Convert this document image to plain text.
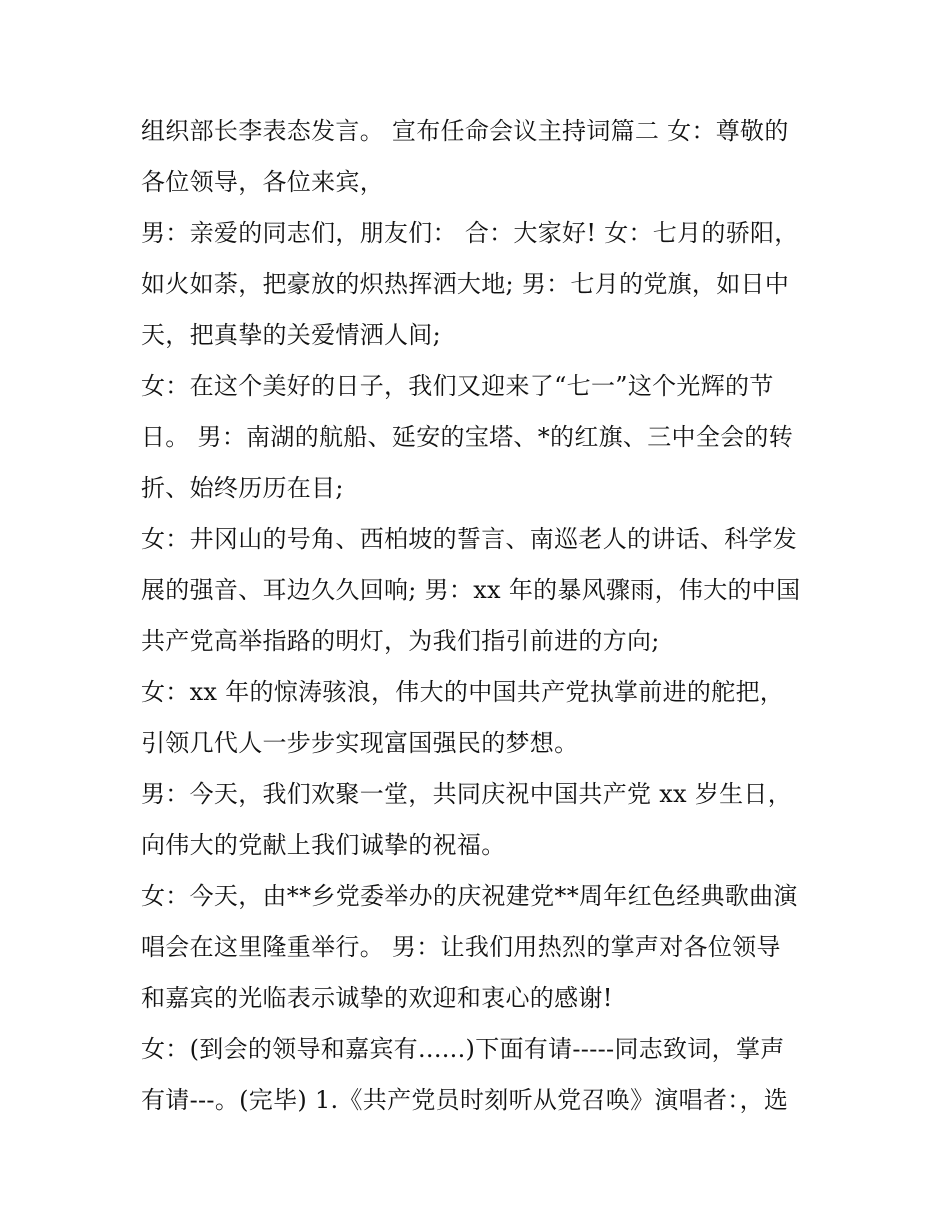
组织部长李表态发言。 宣布任命会议主持词篇二 女：尊敬的
各位领导，各位来宾，
男：亲爱的同志们，朋友们： 合：大家好! 女：七月的骄阳，
如火如荼，把豪放的炽热挥洒大地; 男：七月的党旗，如日中
天，把真挚的关爱情洒人间;
女：在这个美好的日子，我们又迎来了“七一”这个光辉的节
日。 男：南湖的航船、延安的宝塔、*的红旗、三中全会的转
折、始终历历在目;
女：井冈山的号角、西柏坡的誓言、南巡老人的讲话、科学发
展的强音、耳边久久回响; 男：xx 年的暴风骤雨，伟大的中国
共产党高举指路的明灯，为我们指引前进的方向;
女：xx 年的惊涛骇浪，伟大的中国共产党执掌前进的舵把，
引领几代人一步步实现富国强民的梦想。
男：今天，我们欢聚一堂，共同庆祝中国共产党 xx 岁生日，
向伟大的党献上我们诚挚的祝福。
女：今天，由**乡党委举办的庆祝建党**周年红色经典歌曲演
唱会在这里隆重举行。 男：让我们用热烈的掌声对各位领导
和嘉宾的光临表示诚挚的欢迎和衷心的感谢!
女：(到会的领导和嘉宾有......)下面有请-----同志致词，掌声
有请---。(完毕) 1.《共产党员时刻听从党召唤》演唱者：，选
